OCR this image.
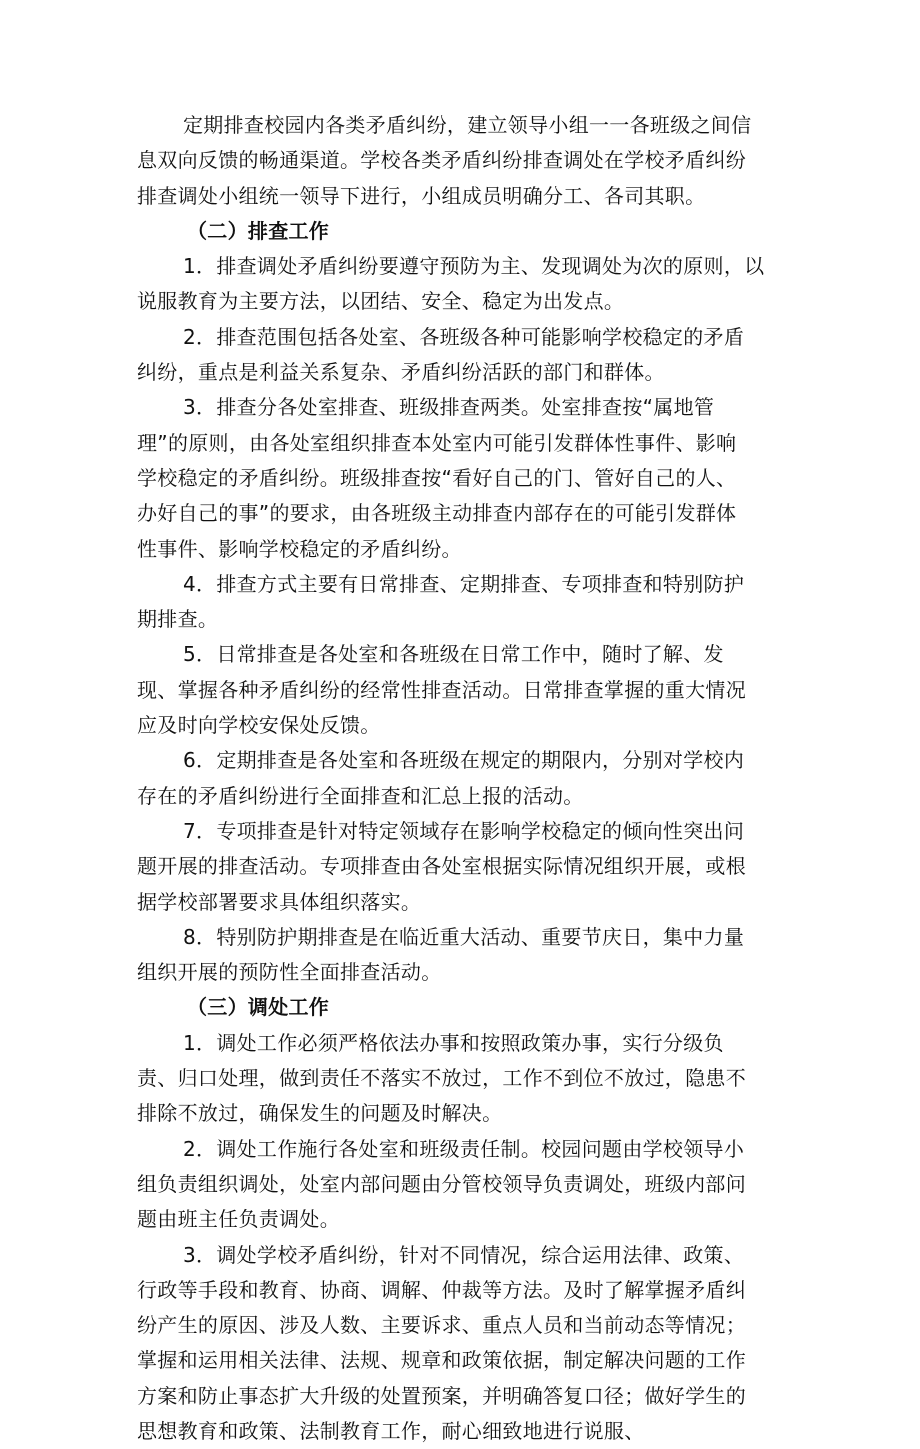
定期排查校园内各类矛盾纠纷，建立领导小组一一各班级之间信
息双向反馈的畅通渠道。学校各类矛盾纠纷排查调处在学校矛盾纠纷
排查调处小组统一领导下进行，小组成员明确分工、各司其职。
（二）排查工作
1．排查调处矛盾纠纷要遵守预防为主、发现调处为次的原则，以
说服教育为主要方法，以团结、安全、稳定为出发点。
2．排查范围包括各处室、各班级各种可能影响学校稳定的矛盾
纠纷，重点是利益关系复杂、矛盾纠纷活跃的部门和群体。
3．排查分各处室排查、班级排查两类。处室排查按“属地管
理”的原则，由各处室组织排查本处室内可能引发群体性事件、影响
学校稳定的矛盾纠纷。班级排查按“看好自己的门、管好自己的人、
办好自己的事”的要求，由各班级主动排查内部存在的可能引发群体
性事件、影响学校稳定的矛盾纠纷。
4．排查方式主要有日常排查、定期排查、专项排查和特别防护
期排查。
5．日常排查是各处室和各班级在日常工作中，随时了解、发
现、掌握各种矛盾纠纷的经常性排查活动。日常排查掌握的重大情况
应及时向学校安保处反馈。
6．定期排查是各处室和各班级在规定的期限内，分别对学校内
存在的矛盾纠纷进行全面排查和汇总上报的活动。
7．专项排查是针对特定领域存在影响学校稳定的倾向性突出问
题开展的排查活动。专项排查由各处室根据实际情况组织开展，或根
据学校部署要求具体组织落实。
8．特别防护期排查是在临近重大活动、重要节庆日，集中力量
组织开展的预防性全面排查活动。
（三）调处工作
1．调处工作必须严格依法办事和按照政策办事，实行分级负
责、归口处理，做到责任不落实不放过，工作不到位不放过，隐患不
排除不放过，确保发生的问题及时解决。
2．调处工作施行各处室和班级责任制。校园问题由学校领导小
组负责组织调处，处室内部问题由分管校领导负责调处，班级内部问
题由班主任负责调处。
3．调处学校矛盾纠纷，针对不同情况，综合运用法律、政策、
行政等手段和教育、协商、调解、仲裁等方法。及时了解掌握矛盾纠
纷产生的原因、涉及人数、主要诉求、重点人员和当前动态等情况；
掌握和运用相关法律、法规、规章和政策依据，制定解决问题的工作
方案和防止事态扩大升级的处置预案，并明确答复口径；做好学生的
思想教育和政策、法制教育工作，耐心细致地进行说服、
